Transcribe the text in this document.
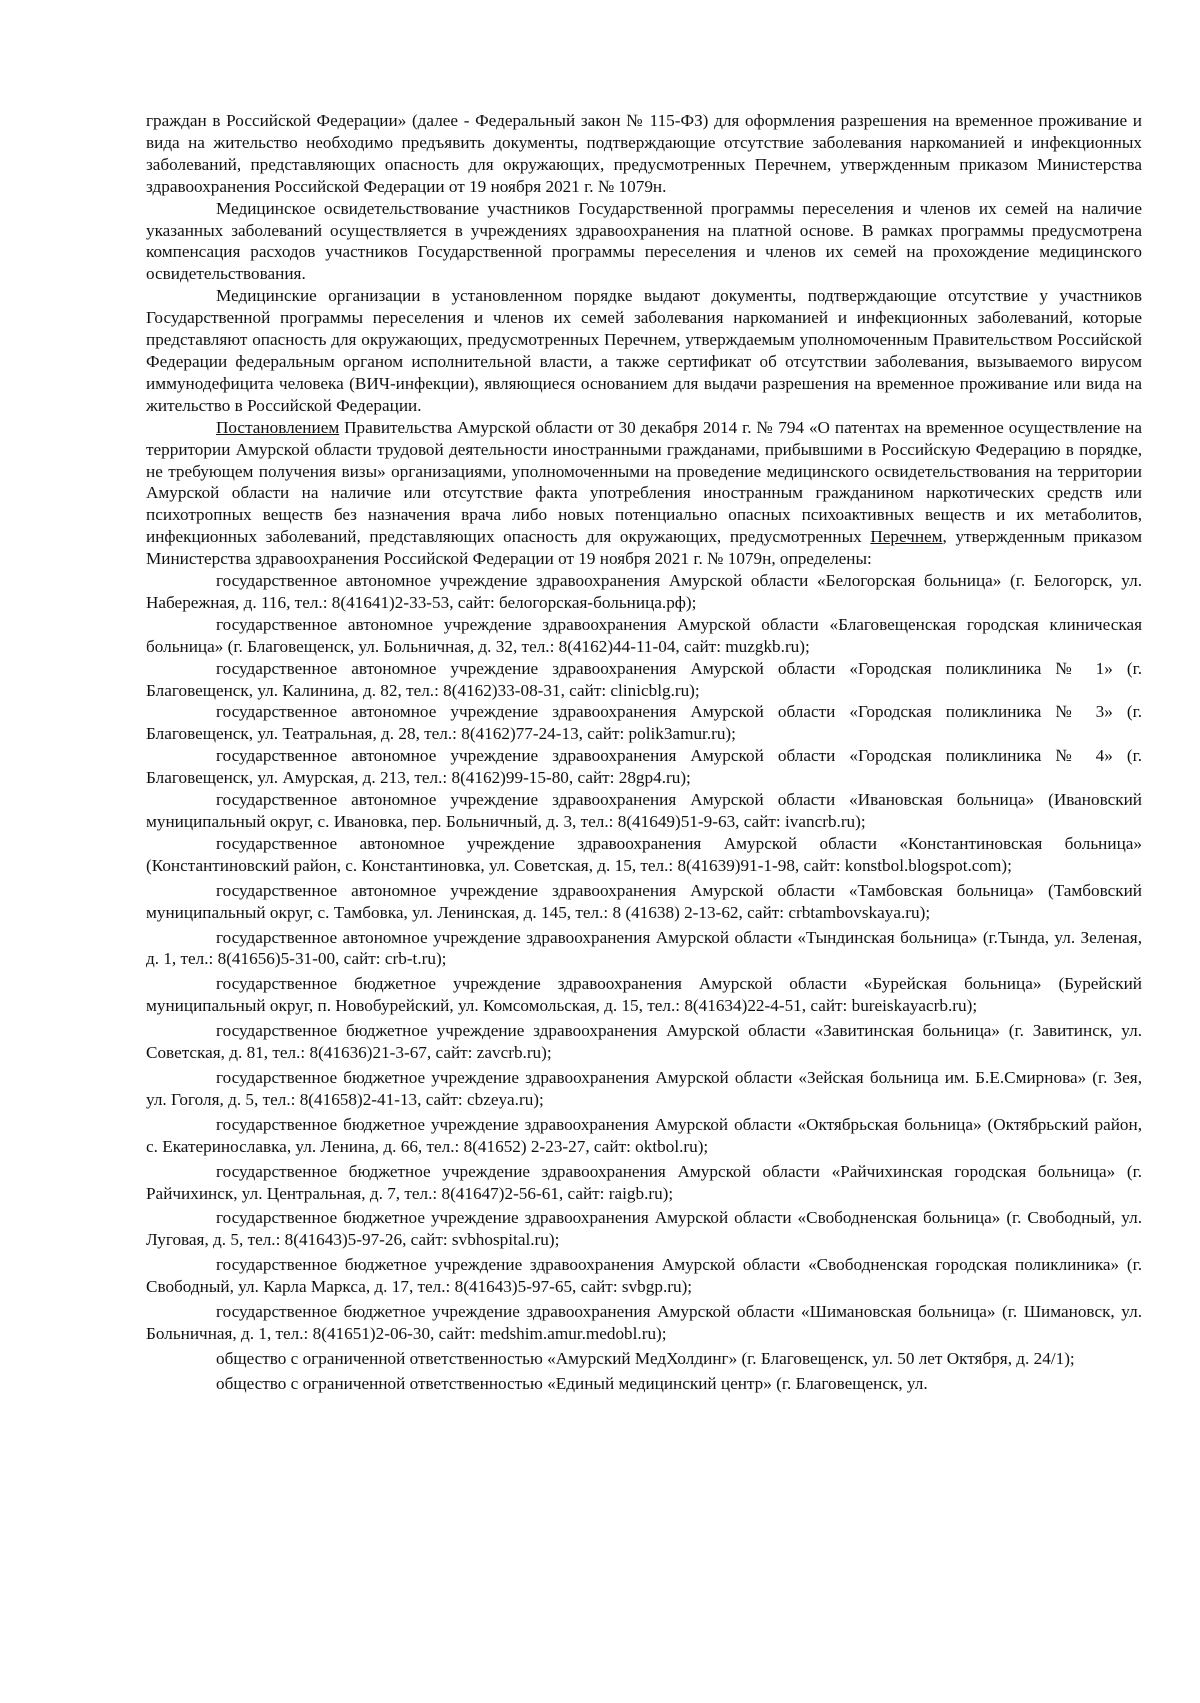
граждан в Российской Федерации» (далее - Федеральный закон № 115-ФЗ) для оформления разрешения на временное проживание и вида на жительство необходимо предъявить документы, подтверждающие отсутствие заболевания наркоманией и инфекционных заболеваний, представляющих опасность для окружающих, предусмотренных Перечнем, утвержденным приказом Министерства здравоохранения Российской Федерации от 19 ноября 2021 г. № 1079н.

Медицинское освидетельствование участников Государственной программы переселения и членов их семей на наличие указанных заболеваний осуществляется в учреждениях здравоохранения на платной основе. В рамках программы предусмотрена компенсация расходов участников Государственной программы переселения и членов их семей на прохождение медицинского освидетельствования.

Медицинские организации в установленном порядке выдают документы, подтверждающие отсутствие у участников Государственной программы переселения и членов их семей заболевания наркоманией и инфекционных заболеваний, которые представляют опасность для окружающих, предусмотренных Перечнем, утверждаемым уполномоченным Правительством Российской Федерации федеральным органом исполнительной власти, а также сертификат об отсутствии заболевания, вызываемого вирусом иммунодефицита человека (ВИЧ-инфекции), являющиеся основанием для выдачи разрешения на временное проживание или вида на жительство в Российской Федерации.

Постановлением Правительства Амурской области от 30 декабря 2014 г. № 794 «О патентах на временное осуществление на территории Амурской области трудовой деятельности иностранными гражданами, прибывшими в Российскую Федерацию в порядке, не требующем получения визы» организациями, уполномоченными на проведение медицинского освидетельствования на территории Амурской области на наличие или отсутствие факта употребления иностранным гражданином наркотических средств или психотропных веществ без назначения врача либо новых потенциально опасных психоактивных веществ и их метаболитов, инфекционных заболеваний, представляющих опасность для окружающих, предусмотренных Перечнем, утвержденным приказом Министерства здравоохранения Российской Федерации от 19 ноября 2021 г. № 1079н, определены:

государственное автономное учреждение здравоохранения Амурской области «Белогорская больница» (г. Белогорск, ул. Набережная, д. 116, тел.: 8(41641)2-33-53, сайт: белогорская-больница.рф);

государственное автономное учреждение здравоохранения Амурской области «Благовещенская городская клиническая больница» (г. Благовещенск, ул. Больничная, д. 32, тел.: 8(4162)44-11-04, сайт: muzgkb.ru);

государственное автономное учреждение здравоохранения Амурской области «Городская поликлиника № 1» (г. Благовещенск, ул. Калинина, д. 82, тел.: 8(4162)33-08-31, сайт: clinicblg.ru);

государственное автономное учреждение здравоохранения Амурской области «Городская поликлиника № 3» (г. Благовещенск, ул. Театральная, д. 28, тел.: 8(4162)77-24-13, сайт: polik3amur.ru);

государственное автономное учреждение здравоохранения Амурской области «Городская поликлиника № 4» (г. Благовещенск, ул. Амурская, д. 213, тел.: 8(4162)99-15-80, сайт: 28gp4.ru);

государственное автономное учреждение здравоохранения Амурской области «Ивановская больница» (Ивановский муниципальный округ, с. Ивановка, пер. Больничный, д. 3, тел.: 8(41649)51-9-63, сайт: ivancrb.ru);

государственное автономное учреждение здравоохранения Амурской области «Константиновская больница» (Константиновский район, с. Константиновка, ул. Советская, д. 15, тел.: 8(41639)91-1-98, сайт: konstbol.blogspot.com);

государственное автономное учреждение здравоохранения Амурской области «Тамбовская больница» (Тамбовский муниципальный округ, с. Тамбовка, ул. Ленинская, д. 145, тел.: 8 (41638) 2-13-62, сайт: crbtambovskaya.ru);

государственное автономное учреждение здравоохранения Амурской области «Тындинская больница» (г.Тында, ул. Зеленая, д. 1, тел.: 8(41656)5-31-00, сайт: crb-t.ru);

государственное бюджетное учреждение здравоохранения Амурской области «Бурейская больница» (Бурейский муниципальный округ, п. Новобурейский, ул. Комсомольская, д. 15, тел.: 8(41634)22-4-51, сайт: bureiskayacrb.ru);

государственное бюджетное учреждение здравоохранения Амурской области «Завитинская больница» (г. Завитинск, ул. Советская, д. 81, тел.: 8(41636)21-3-67, сайт: zavcrb.ru);

государственное бюджетное учреждение здравоохранения Амурской области «Зейская больница им. Б.Е.Смирнова» (г. Зея, ул. Гоголя, д. 5, тел.: 8(41658)2-41-13, сайт: cbzeya.ru);

государственное бюджетное учреждение здравоохранения Амурской области «Октябрьская больница» (Октябрьский район, с. Екатеринославка, ул. Ленина, д. 66, тел.: 8(41652) 2-23-27, сайт: oktbol.ru);

государственное бюджетное учреждение здравоохранения Амурской области «Райчихинская городская больница» (г. Райчихинск, ул. Центральная, д. 7, тел.: 8(41647)2-56-61, сайт: raigb.ru);

государственное бюджетное учреждение здравоохранения Амурской области «Свободненская больница» (г. Свободный, ул. Луговая, д. 5, тел.: 8(41643)5-97-26, сайт: svbhospital.ru);

государственное бюджетное учреждение здравоохранения Амурской области «Свободненская городская поликлиника» (г. Свободный, ул. Карла Маркса, д. 17, тел.: 8(41643)5-97-65, сайт: svbgp.ru);

государственное бюджетное учреждение здравоохранения Амурской области «Шимановская больница» (г. Шимановск, ул. Больничная, д. 1, тел.: 8(41651)2-06-30, сайт: medshim.amur.medobl.ru);

общество с ограниченной ответственностью «Амурский МедХолдинг» (г. Благовещенск, ул. 50 лет Октября, д. 24/1);

общество с ограниченной ответственностью «Единый медицинский центр» (г. Благовещенск, ул.
